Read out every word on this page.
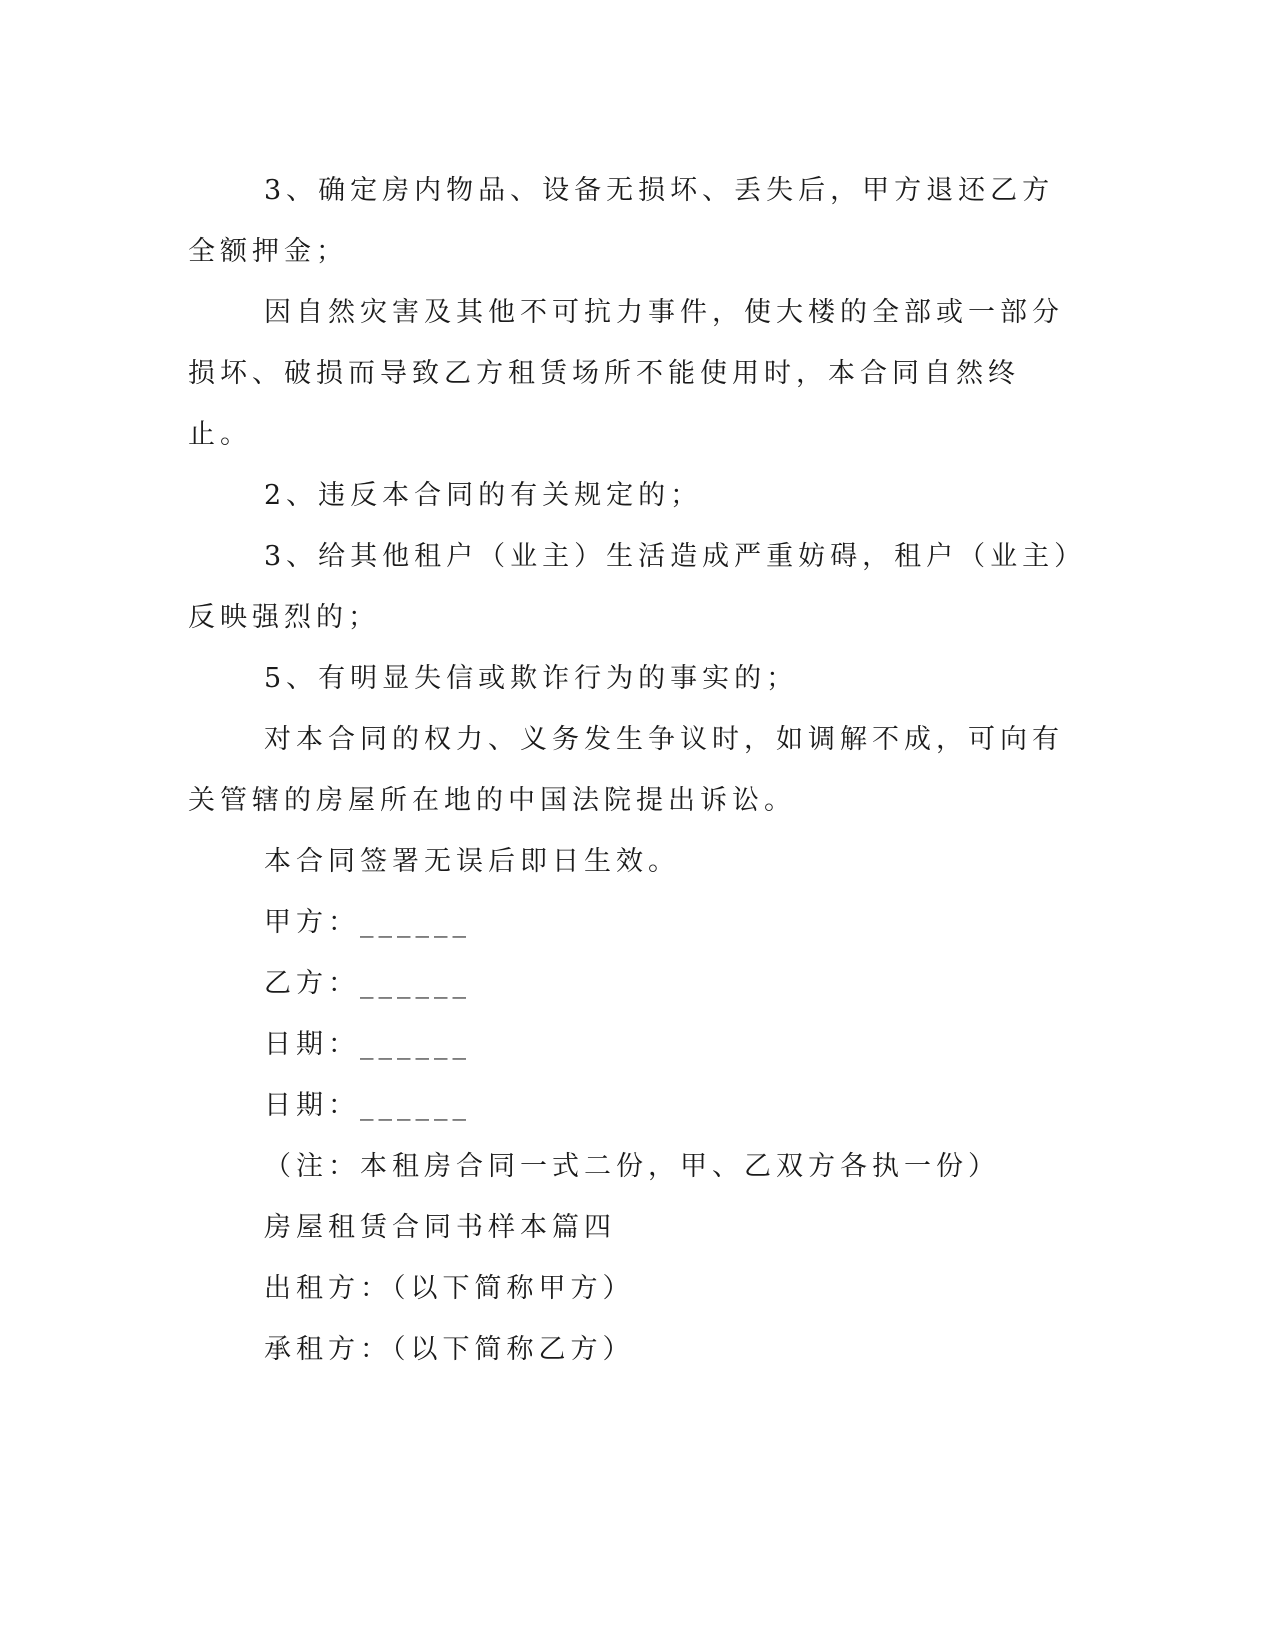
3、确定房内物品、设备无损坏、丢失后，甲方退还乙方全额押金；

因自然灾害及其他不可抗力事件，使大楼的全部或一部分损坏、破损而导致乙方租赁场所不能使用时，本合同自然终止。

2、违反本合同的有关规定的；

3、给其他租户（业主）生活造成严重妨碍，租户（业主）反映强烈的；

5、有明显失信或欺诈行为的事实的；

对本合同的权力、义务发生争议时，如调解不成，可向有关管辖的房屋所在地的中国法院提出诉讼。

本合同签署无误后即日生效。

甲方：______

乙方：______

日期：______

日期：______

（注：本租房合同一式二份，甲、乙双方各执一份）

房屋租赁合同书样本篇四

出租方：（以下简称甲方）

承租方：（以下简称乙方）
